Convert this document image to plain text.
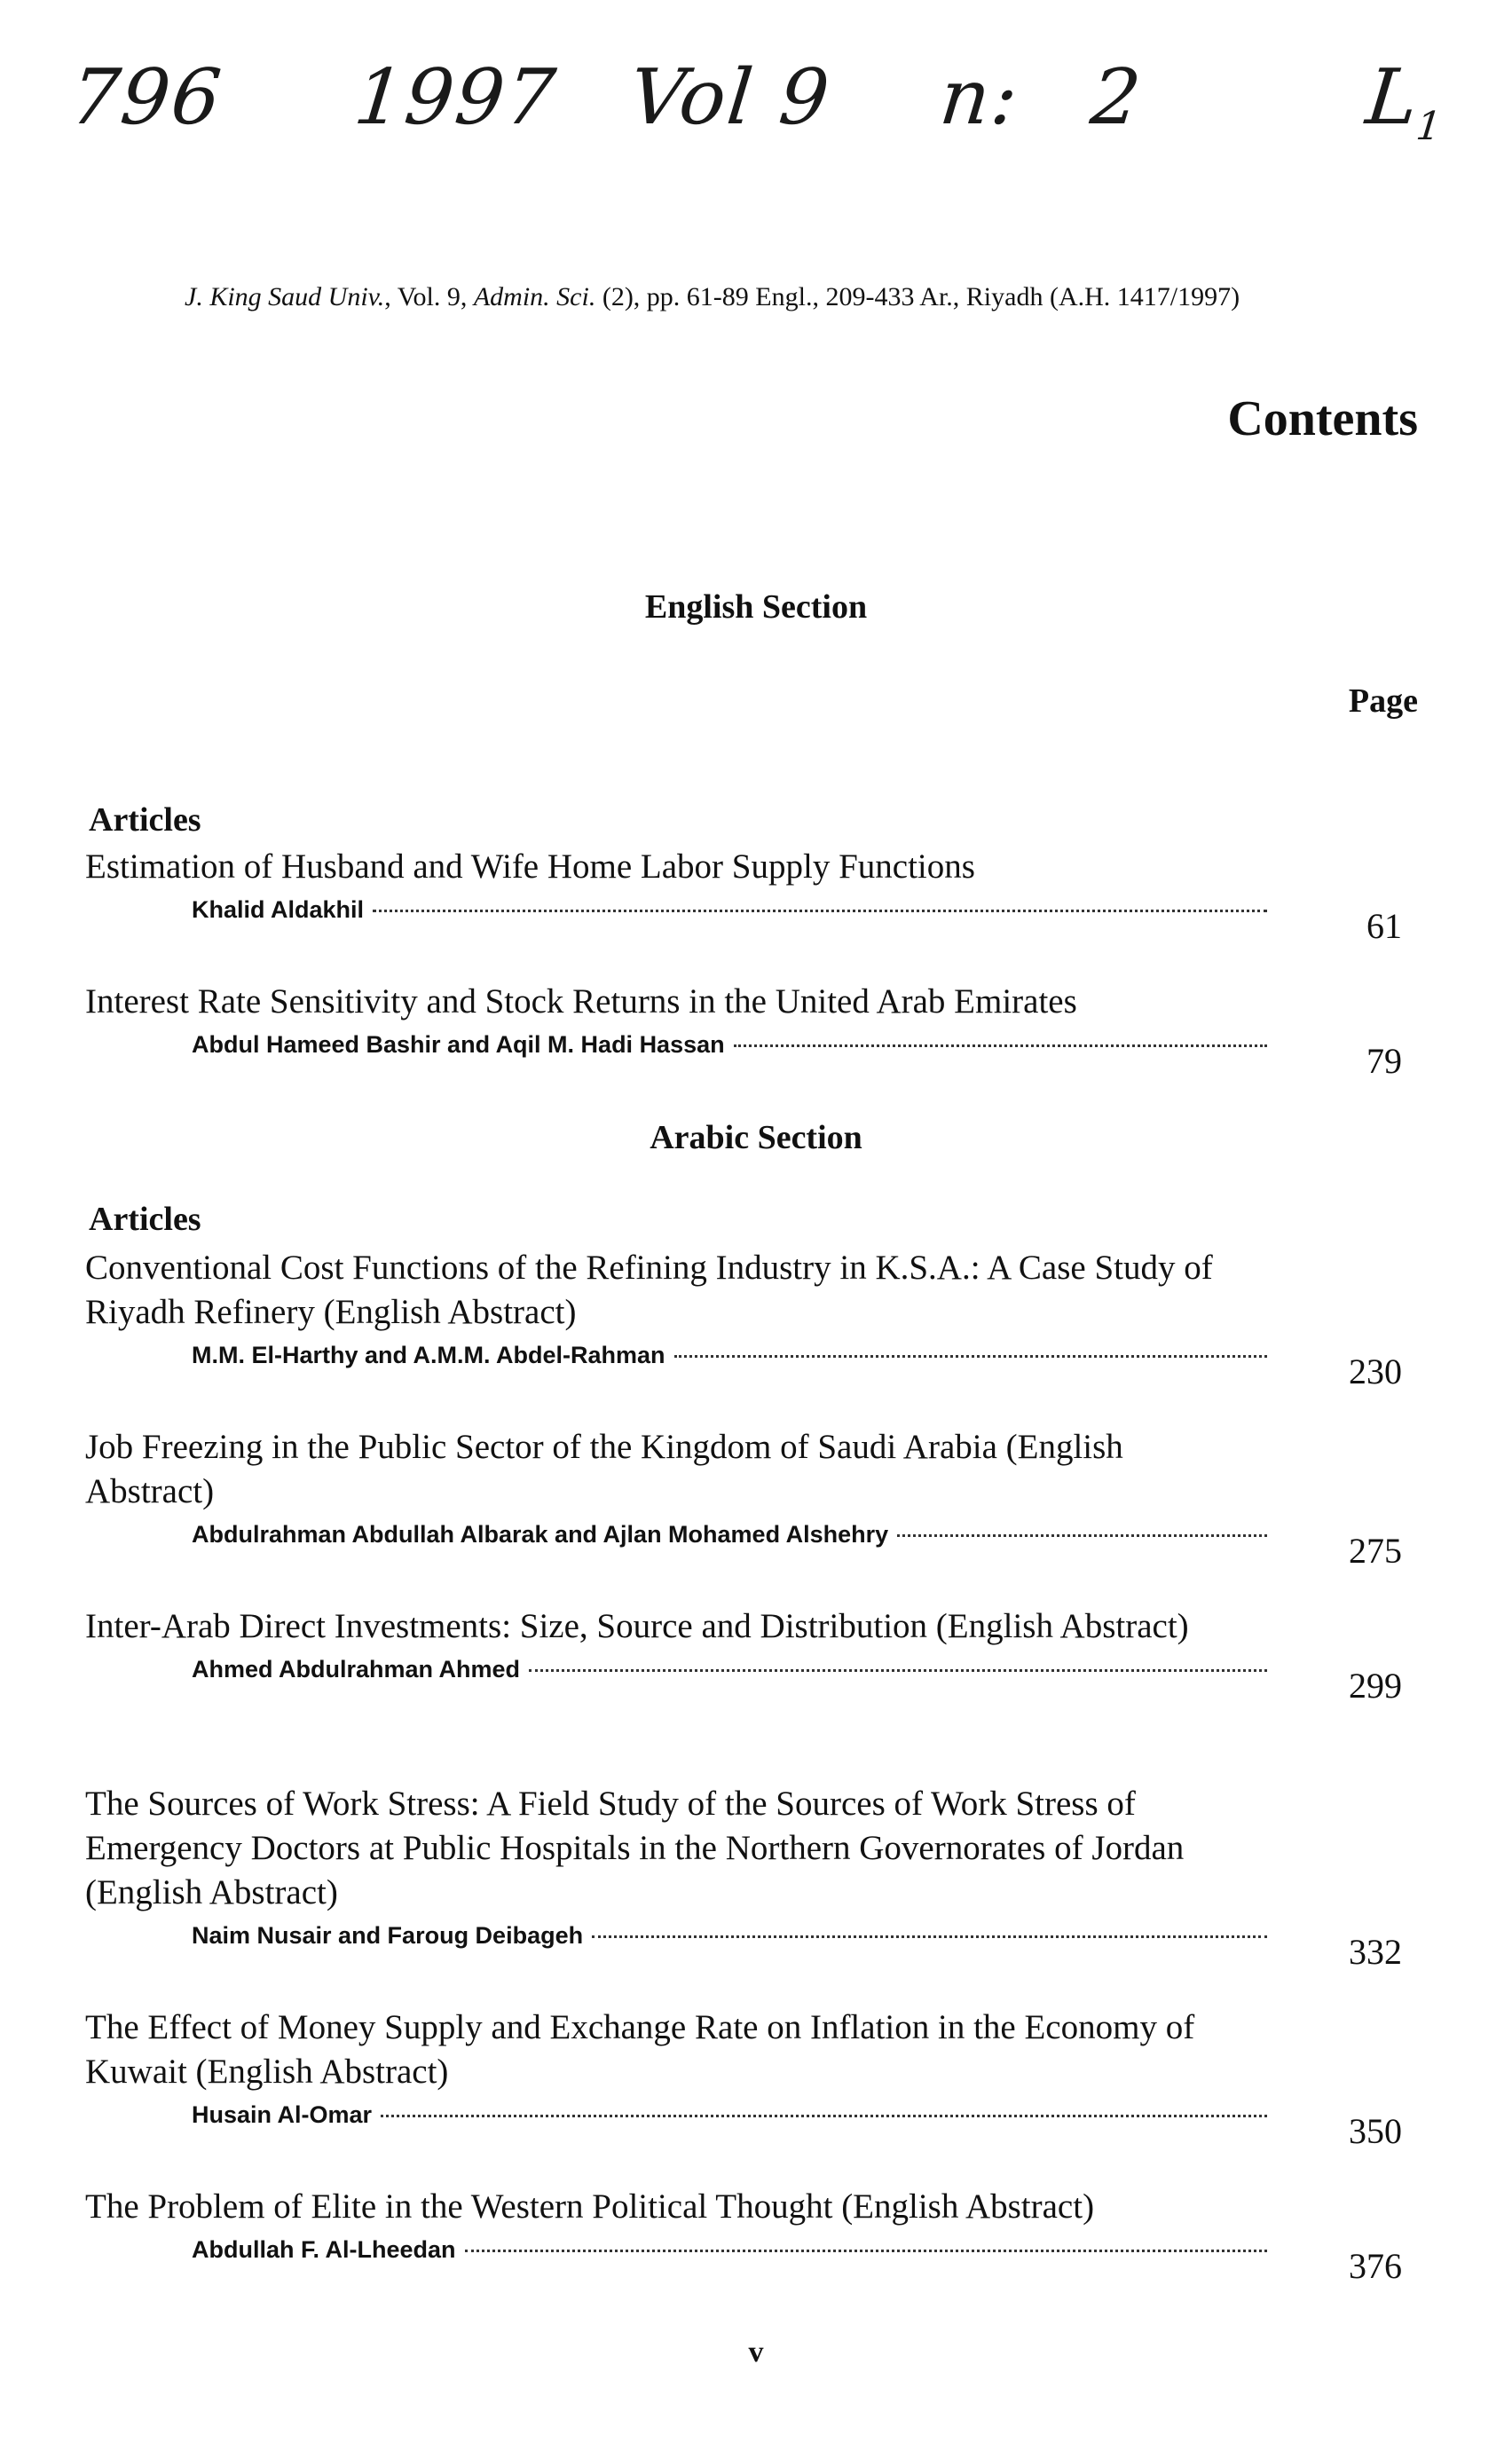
796 1997 Vol 9 n: 2	$L_1$
J. King Saud Univ., Vol. 9, Admin. Sci. (2), pp. 61-89 Engl., 209-433 Ar., Riyadh (A.H. 1417/1997)
Contents
English Section
Page
Articles
Estimation of Husband and Wife Home Labor Supply Functions
Khalid Aldakhil	61
Interest Rate Sensitivity and Stock Returns in the United Arab Emirates
Abdul Hameed Bashir and Aqil M. Hadi Hassan	79
Arabic Section
Articles
Conventional Cost Functions of the Refining Industry in K.S.A.: A Case Study of Riyadh Refinery (English Abstract)
M.M. El-Harthy and A.M.M. Abdel-Rahman	230
Job Freezing in the Public Sector of the Kingdom of Saudi Arabia (English Abstract)
Abdulrahman Abdullah Albarak and Ajlan Mohamed Alshehry	275
Inter-Arab Direct Investments: Size, Source and Distribution (English Abstract)
Ahmed Abdulrahman Ahmed	299
The Sources of Work Stress: A Field Study of the Sources of Work Stress of Emergency Doctors at Public Hospitals in the Northern Governorates of Jordan (English Abstract)
Naim Nusair and Faroug Deibageh	332
The Effect of Money Supply and Exchange Rate on Inflation in the Economy of Kuwait (English Abstract)
Husain Al-Omar	350
The Problem of Elite in the Western Political Thought (English Abstract)
Abdullah F. Al-Lheedan	376
v
